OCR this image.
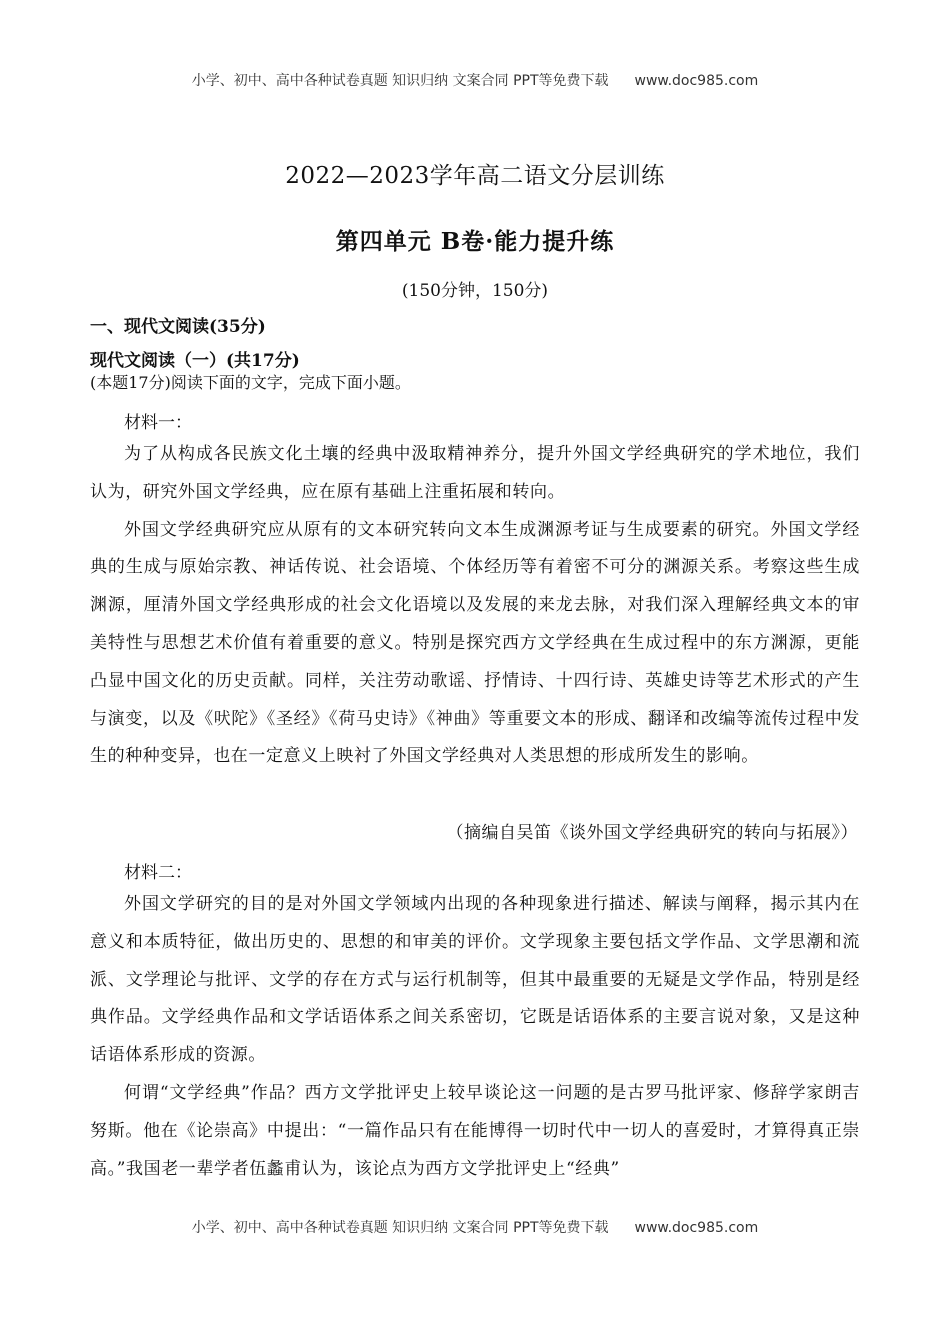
小学、初中、高中各种试卷真题 知识归纳 文案合同 PPT等免费下载 www.doc985.com
2022—2023学年高二语文分层训练
第四单元 B卷·能力提升练
(150分钟，150分)
一、现代文阅读(35分)
现代文阅读（一）(共17分)
(本题17分)阅读下面的文字，完成下面小题。
材料一：

为了从构成各民族文化土壤的经典中汲取精神养分，提升外国文学经典研究的学术地位，我们认为，研究外国文学经典，应在原有基础上注重拓展和转向。

外国文学经典研究应从原有的文本研究转向文本生成渊源考证与生成要素的研究。外国文学经典的生成与原始宗教、神话传说、社会语境、个体经历等有着密不可分的渊源关系。考察这些生成渊源，厘清外国文学经典形成的社会文化语境以及发展的来龙去脉，对我们深入理解经典文本的审美特性与思想艺术价值有着重要的意义。特别是探究西方文学经典在生成过程中的东方渊源，更能凸显中国文化的历史贡献。同样，关注劳动歌谣、抒情诗、十四行诗、英雄史诗等艺术形式的产生与演变，以及《吠陀》《圣经》《荷马史诗》《神曲》等重要文本的形成、翻译和改编等流传过程中发生的种种变异，也在一定意义上映衬了外国文学经典对人类思想的形成所发生的影响。

（摘编自吴笛《谈外国文学经典研究的转向与拓展》）
材料二：

外国文学研究的目的是对外国文学领域内出现的各种现象进行描述、解读与阐释，揭示其内在意义和本质特征，做出历史的、思想的和审美的评价。文学现象主要包括文学作品、文学思潮和流派、文学理论与批评、文学的存在方式与运行机制等，但其中最重要的无疑是文学作品，特别是经典作品。文学经典作品和文学话语体系之间关系密切，它既是话语体系的主要言说对象，又是这种话语体系形成的资源。

何谓“文学经典”作品？西方文学批评史上较早谈论这一问题的是古罗马批评家、修辞学家朗吉努斯。他在《论崇高》中提出：“一篇作品只有在能博得一切时代中一切人的喜爱时，才算得真正崇高。”我国老一辈学者伍蠡甫认为，该论点为西方文学批评史上“经典”

小学、初中、高中各种试卷真题 知识归纳 文案合同 PPT等免费下载 www.doc985.com
